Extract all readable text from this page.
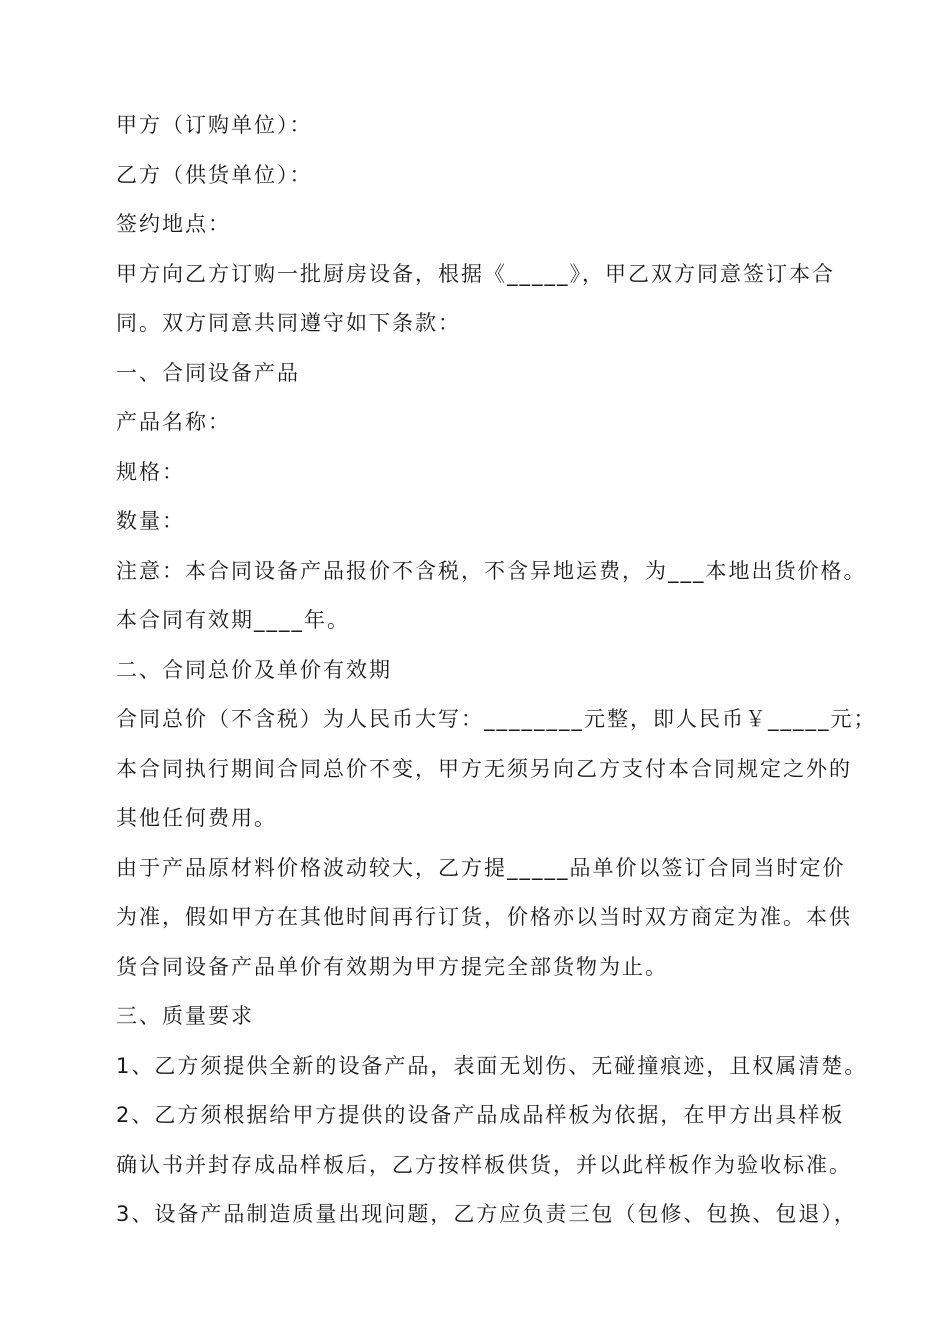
甲方（订购单位）：
乙方（供货单位）：
签约地点：
甲方向乙方订购一批厨房设备，根据《_____》，甲乙双方同意签订本合
同。双方同意共同遵守如下条款：
一、合同设备产品
产品名称：
规格：
数量：
注意：本合同设备产品报价不含税，不含异地运费，为___本地出货价格。
本合同有效期____年。
二、合同总价及单价有效期
合同总价（不含税）为人民币大写：________元整，即人民币￥_____元；
本合同执行期间合同总价不变，甲方无须另向乙方支付本合同规定之外的
其他任何费用。
由于产品原材料价格波动较大，乙方提_____品单价以签订合同当时定价
为准，假如甲方在其他时间再行订货，价格亦以当时双方商定为准。本供
货合同设备产品单价有效期为甲方提完全部货物为止。
三、质量要求
1、乙方须提供全新的设备产品，表面无划伤、无碰撞痕迹，且权属清楚。
2、乙方须根据给甲方提供的设备产品成品样板为依据，在甲方出具样板
确认书并封存成品样板后，乙方按样板供货，并以此样板作为验收标准。
3、设备产品制造质量出现问题，乙方应负责三包（包修、包换、包退），
